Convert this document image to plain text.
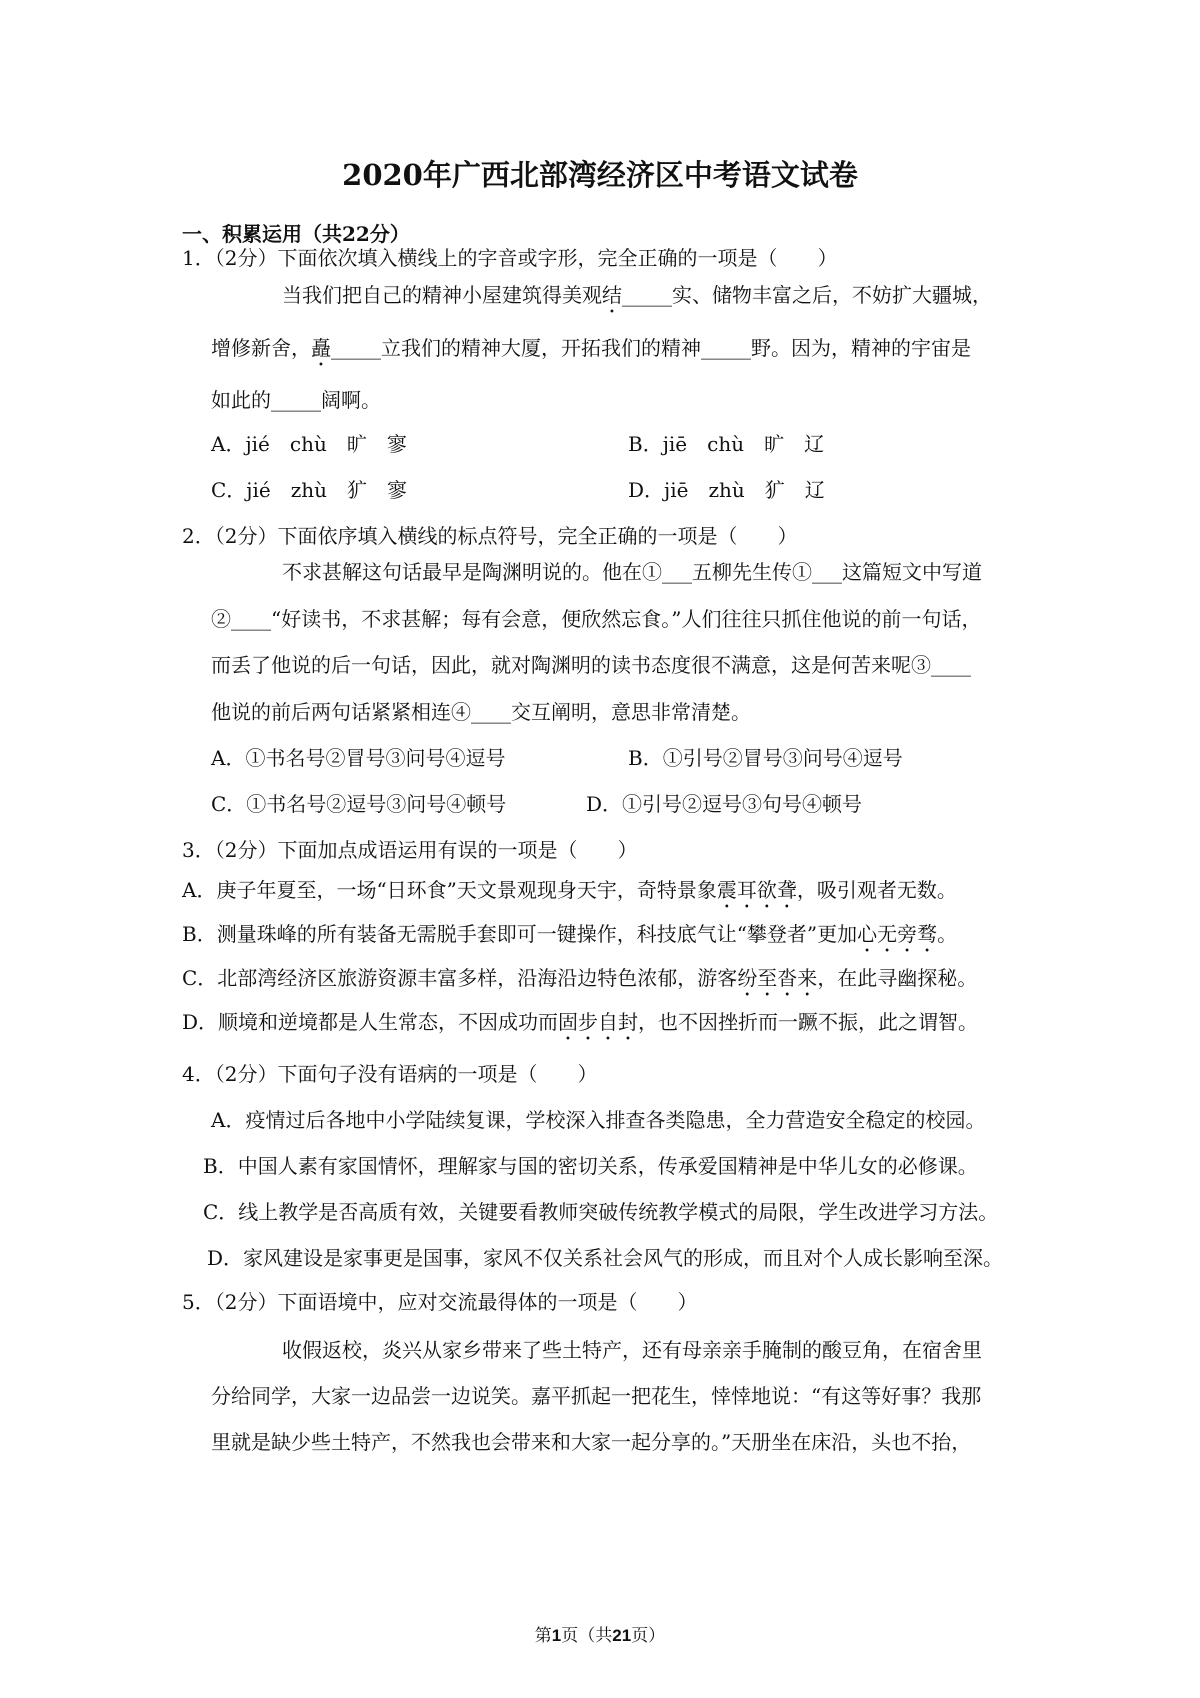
2020年广西北部湾经济区中考语文试卷
一、积累运用（共22分）
1．（2分）下面依次填入横线上的字音或字形，完全正确的一项是（　　）
当我们把自己的精神小屋建筑得美观结_____实、储物丰富之后，不妨扩大疆城，
增修新舍，矗_____立我们的精神大厦，开拓我们的精神_____野。因为，精神的宇宙是
如此的_____阔啊。
A．jié　chù　旷　寥	B．jiē　chù　旷　辽
C．jié　zhù　犷　寥	D．jiē　zhù　犷　辽
2．（2分）下面依序填入横线的标点符号，完全正确的一项是（　　）
不求甚解这句话最早是陶渊明说的。他在①___五柳先生传①___这篇短文中写道
②____“好读书，不求甚解；每有会意，便欣然忘食。”人们往往只抓住他说的前一句话，
而丢了他说的后一句话，因此，就对陶渊明的读书态度很不满意，这是何苦来呢③____
他说的前后两句话紧紧相连④____交互阐明，意思非常清楚。
A．①书名号②冒号③问号④逗号	B．①引号②冒号③问号④逗号
C．①书名号②逗号③问号④顿号	D．①引号②逗号③句号④顿号
3．（2分）下面加点成语运用有误的一项是（　　）
A．庚子年夏至，一场“日环食”天文景观现身天宇，奇特景象震耳欲聋，吸引观者无数。
B．测量珠峰的所有装备无需脱手套即可一键操作，科技底气让“攀登者”更加心无旁骛。
C．北部湾经济区旅游资源丰富多样，沿海沿边特色浓郁，游客纷至沓来，在此寻幽探秘。
D．顺境和逆境都是人生常态，不因成功而固步自封，也不因挫折而一蹶不振，此之谓智。
4．（2分）下面句子没有语病的一项是（　　）
A．疫情过后各地中小学陆续复课，学校深入排查各类隐患，全力营造安全稳定的校园。
B．中国人素有家国情怀，理解家与国的密切关系，传承爱国精神是中华儿女的必修课。
C．线上教学是否高质有效，关键要看教师突破传统教学模式的局限，学生改进学习方法。
D．家风建设是家事更是国事，家风不仅关系社会风气的形成，而且对个人成长影响至深。
5．（2分）下面语境中，应对交流最得体的一项是（　　）
收假返校，炎兴从家乡带来了些土特产，还有母亲亲手腌制的酸豆角，在宿舍里
分给同学，大家一边品尝一边说笑。嘉平抓起一把花生，悻悻地说：“有这等好事？我那
里就是缺少些土特产，不然我也会带来和大家一起分享的。”天册坐在床沿，头也不抬，
第1页（共21页）
